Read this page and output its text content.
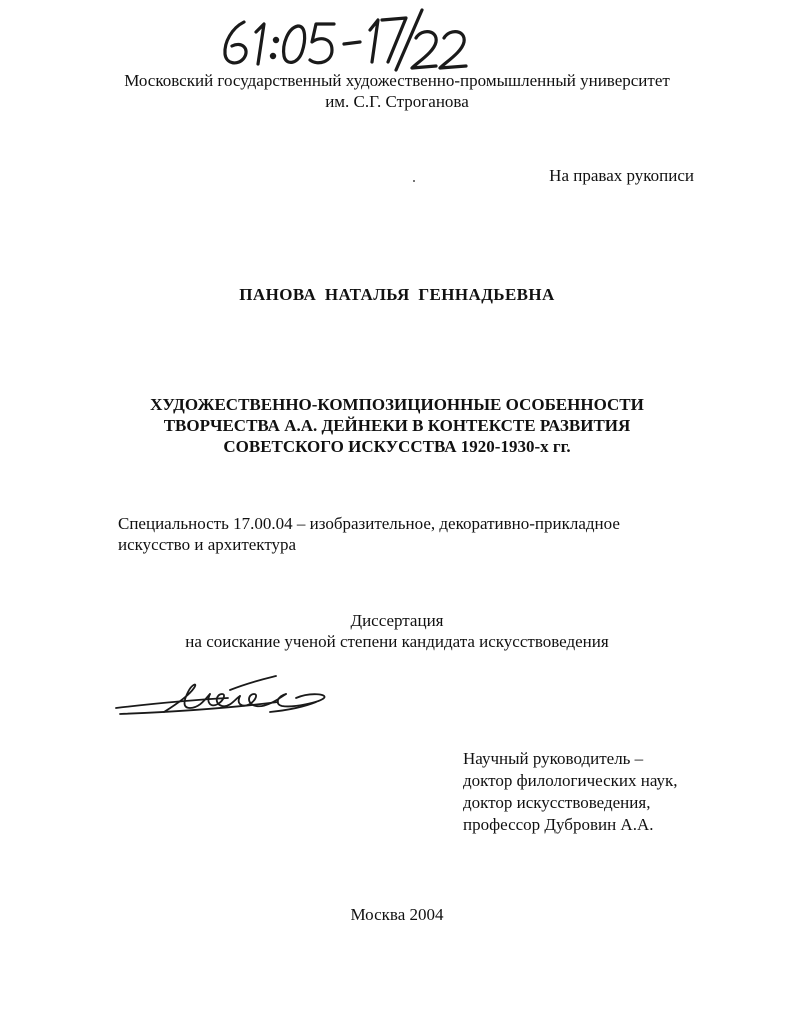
Московский государственный художественно-промышленный университет
им. С.Г. Строганова
На правах рукописи
ПАНОВА НАТАЛЬЯ ГЕННАДЬЕВНА
ХУДОЖЕСТВЕННО-КОМПОЗИЦИОННЫЕ ОСОБЕННОСТИ
ТВОРЧЕСТВА А.А. ДЕЙНЕКИ В КОНТЕКСТЕ РАЗВИТИЯ
СОВЕТСКОГО ИСКУССТВА 1920-1930-х гг.
Специальность 17.00.04 – изобразительное, декоративно-прикладное
искусство и архитектура
Диссертация
на соискание ученой степени кандидата искусствоведения
Научный руководитель –
доктор филологических наук,
доктор искусствоведения,
профессор Дубровин А.А.
Москва 2004
